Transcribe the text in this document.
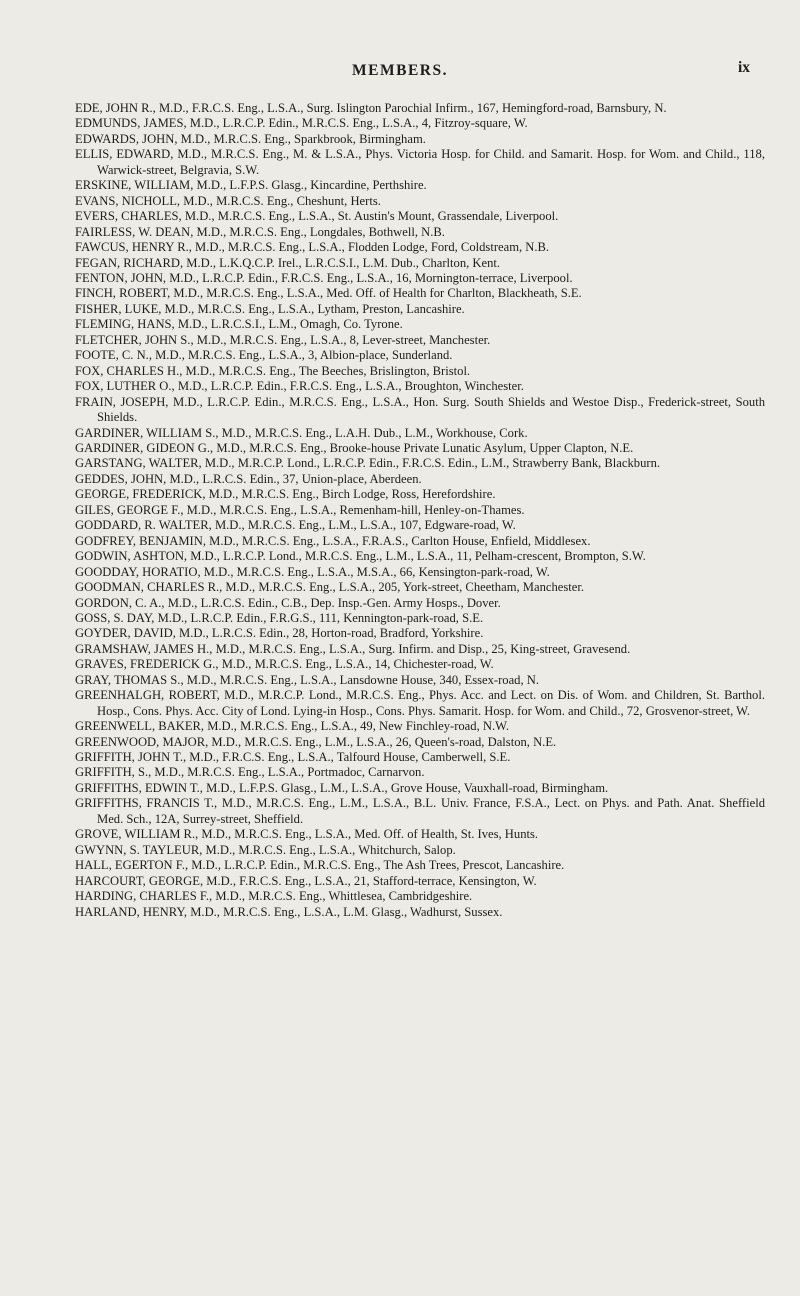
MEMBERS.	ix

EDE, JOHN R., M.D., F.R.C.S. Eng., L.S.A., Surg. Islington Parochial Infirm., 167, Hemingford-road, Barnsbury, N.

EDMUNDS, JAMES, M.D., L.R.C.P. Edin., M.R.C.S. Eng., L.S.A., 4, Fitzroy-square, W.

EDWARDS, JOHN, M.D., M.R.C.S. Eng., Sparkbrook, Birmingham.

ELLIS, EDWARD, M.D., M.R.C.S. Eng., M. & L.S.A., Phys. Victoria Hosp. for Child. and Samarit. Hosp. for Wom. and Child., 118, Warwick-street, Belgravia, S.W.

ERSKINE, WILLIAM, M.D., L.F.P.S. Glasg., Kincardine, Perthshire.

EVANS, NICHOLL, M.D., M.R.C.S. Eng., Cheshunt, Herts.

EVERS, CHARLES, M.D., M.R.C.S. Eng., L.S.A., St. Austin's Mount, Grassendale, Liverpool.

FAIRLESS, W. DEAN, M.D., M.R.C.S. Eng., Longdales, Bothwell, N.B.

FAWCUS, HENRY R., M.D., M.R.C.S. Eng., L.S.A., Flodden Lodge, Ford, Coldstream, N.B.

FEGAN, RICHARD, M.D., L.K.Q.C.P. Irel., L.R.C.S.I., L.M. Dub., Charlton, Kent.

FENTON, JOHN, M.D., L.R.C.P. Edin., F.R.C.S. Eng., L.S.A., 16, Mornington-terrace, Liverpool.

FINCH, ROBERT, M.D., M.R.C.S. Eng., L.S.A., Med. Off. of Health for Charlton, Blackheath, S.E.

FISHER, LUKE, M.D., M.R.C.S. Eng., L.S.A., Lytham, Preston, Lancashire.

FLEMING, HANS, M.D., L.R.C.S.I., L.M., Omagh, Co. Tyrone.

FLETCHER, JOHN S., M.D., M.R.C.S. Eng., L.S.A., 8, Lever-street, Manchester.

FOOTE, C. N., M.D., M.R.C.S. Eng., L.S.A., 3, Albion-place, Sunderland.

FOX, CHARLES H., M.D., M.R.C.S. Eng., The Beeches, Brislington, Bristol.

FOX, LUTHER O., M.D., L.R.C.P. Edin., F.R.C.S. Eng., L.S.A., Broughton, Winchester.

FRAIN, JOSEPH, M.D., L.R.C.P. Edin., M.R.C.S. Eng., L.S.A., Hon. Surg. South Shields and Westoe Disp., Frederick-street, South Shields.

GARDINER, WILLIAM S., M.D., M.R.C.S. Eng., L.A.H. Dub., L.M., Workhouse, Cork.

GARDINER, GIDEON G., M.D., M.R.C.S. Eng., Brooke-house Private Lunatic Asylum, Upper Clapton, N.E.

GARSTANG, WALTER, M.D., M.R.C.P. Lond., L.R.C.P. Edin., F.R.C.S. Edin., L.M., Strawberry Bank, Blackburn.

GEDDES, JOHN, M.D., L.R.C.S. Edin., 37, Union-place, Aberdeen.

GEORGE, FREDERICK, M.D., M.R.C.S. Eng., Birch Lodge, Ross, Herefordshire.

GILES, GEORGE F., M.D., M.R.C.S. Eng., L.S.A., Remenham-hill, Henley-on-Thames.

GODDARD, R. WALTER, M.D., M.R.C.S. Eng., L.M., L.S.A., 107, Edgware-road, W.

GODFREY, BENJAMIN, M.D., M.R.C.S. Eng., L.S.A., F.R.A.S., Carlton House, Enfield, Middlesex.

GODWIN, ASHTON, M.D., L.R.C.P. Lond., M.R.C.S. Eng., L.M., L.S.A., 11, Pelham-crescent, Brompton, S.W.

GOODDAY, HORATIO, M.D., M.R.C.S. Eng., L.S.A., M.S.A., 66, Kensington-park-road, W.

GOODMAN, CHARLES R., M.D., M.R.C.S. Eng., L.S.A., 205, York-street, Cheetham, Manchester.

GORDON, C. A., M.D., L.R.C.S. Edin., C.B., Dep. Insp.-Gen. Army Hosps., Dover.

GOSS, S. DAY, M.D., L.R.C.P. Edin., F.R.G.S., 111, Kennington-park-road, S.E.

GOYDER, DAVID, M.D., L.R.C.S. Edin., 28, Horton-road, Bradford, Yorkshire.

GRAMSHAW, JAMES H., M.D., M.R.C.S. Eng., L.S.A., Surg. Infirm. and Disp., 25, King-street, Gravesend.

GRAVES, FREDERICK G., M.D., M.R.C.S. Eng., L.S.A., 14, Chichester-road, W.

GRAY, THOMAS S., M.D., M.R.C.S. Eng., L.S.A., Lansdowne House, 340, Essex-road, N.

GREENHALGH, ROBERT, M.D., M.R.C.P. Lond., M.R.C.S. Eng., Phys. Acc. and Lect. on Dis. of Wom. and Children, St. Barthol. Hosp., Cons. Phys. Acc. City of Lond. Lying-in Hosp., Cons. Phys. Samarit. Hosp. for Wom. and Child., 72, Grosvenor-street, W.

GREENWELL, BAKER, M.D., M.R.C.S. Eng., L.S.A., 49, New Finchley-road, N.W.

GREENWOOD, MAJOR, M.D., M.R.C.S. Eng., L.M., L.S.A., 26, Queen's-road, Dalston, N.E.

GRIFFITH, JOHN T., M.D., F.R.C.S. Eng., L.S.A., Talfourd House, Camberwell, S.E.

GRIFFITH, S., M.D., M.R.C.S. Eng., L.S.A., Portmadoc, Carnarvon.

GRIFFITHS, EDWIN T., M.D., L.F.P.S. Glasg., L.M., L.S.A., Grove House, Vauxhall-road, Birmingham.

GRIFFITHS, FRANCIS T., M.D., M.R.C.S. Eng., L.M., L.S.A., B.L. Univ. France, F.S.A., Lect. on Phys. and Path. Anat. Sheffield Med. Sch., 12A, Surrey-street, Sheffield.

GROVE, WILLIAM R., M.D., M.R.C.S. Eng., L.S.A., Med. Off. of Health, St. Ives, Hunts.

GWYNN, S. TAYLEUR, M.D., M.R.C.S. Eng., L.S.A., Whitchurch, Salop.

HALL, EGERTON F., M.D., L.R.C.P. Edin., M.R.C.S. Eng., The Ash Trees, Prescot, Lancashire.

HARCOURT, GEORGE, M.D., F.R.C.S. Eng., L.S.A., 21, Stafford-terrace, Kensington, W.

HARDING, CHARLES F., M.D., M.R.C.S. Eng., Whittlesea, Cambridgeshire.

HARLAND, HENRY, M.D., M.R.C.S. Eng., L.S.A., L.M. Glasg., Wadhurst, Sussex.
